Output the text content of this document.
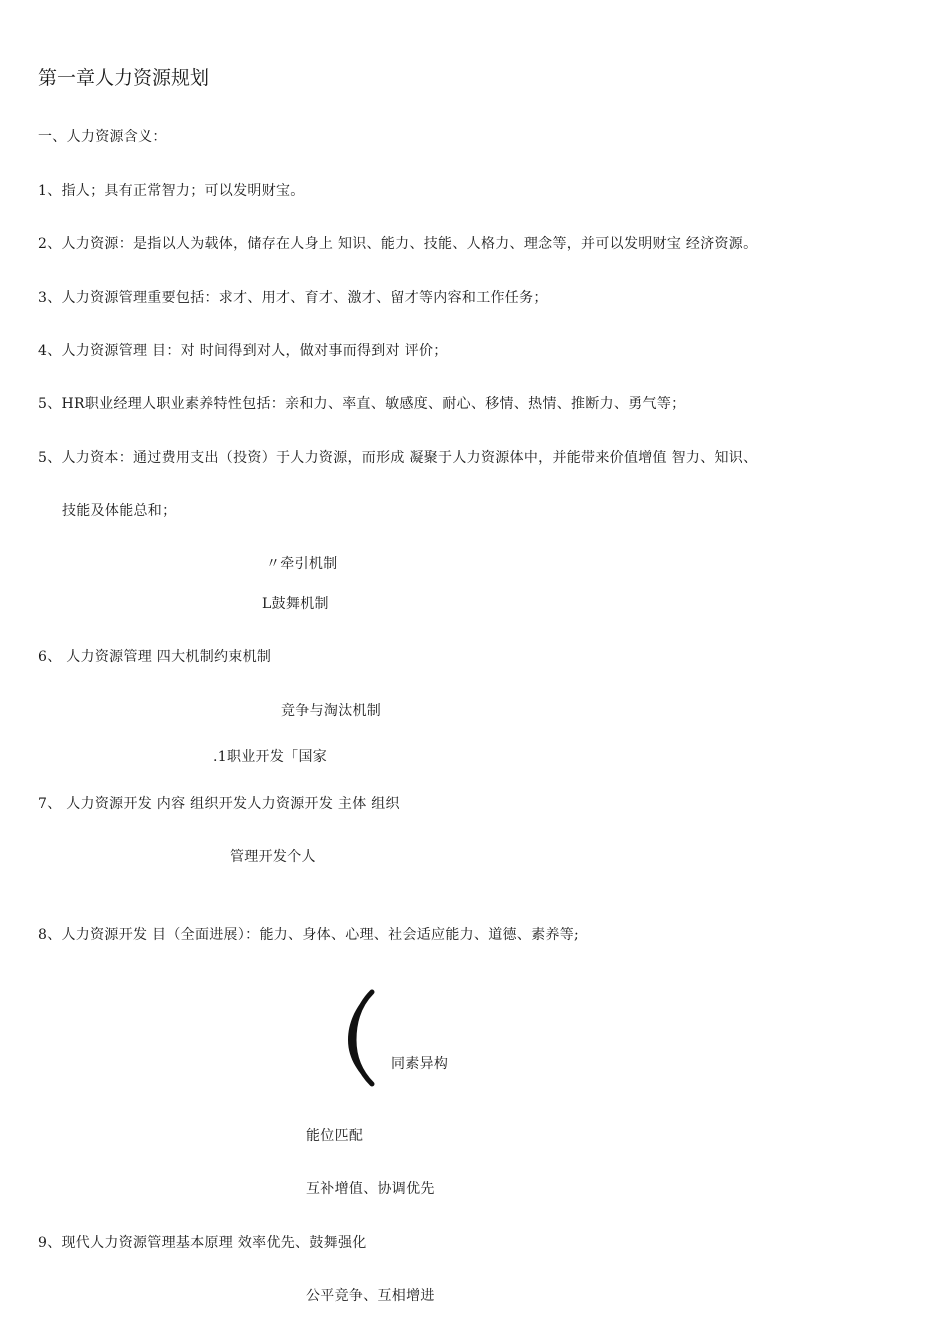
第一章人力资源规划
一、人力资源含义：
1、指人；具有正常智力；可以发明财宝。
2、人力资源：是指以人为载体，储存在人身上 知识、能力、技能、人格力、理念等，并可以发明财宝 经济资源。
3、人力资源管理重要包括：求才、用才、育才、激才、留才等内容和工作任务；
4、人力资源管理 目：对 时间得到对人，做对事而得到对 评价；
5、HR职业经理人职业素养特性包括：亲和力、率直、敏感度、耐心、移情、热情、推断力、勇气等；
5、人力资本：通过费用支出（投资）于人力资源，而形成 凝聚于人力资源体中，并能带来价值增值 智力、知识、
技能及体能总和；
〃牵引机制
L鼓舞机制
6、 人力资源管理 四大机制约束机制
竞争与淘汰机制
.1职业开发「国家
7、 人力资源开发 内容 组织开发人力资源开发 主体 组织
管理开发个人
8、人力资源开发 目（全面进展）：能力、身体、心理、社会适应能力、道德、素养等;
同素异构
能位匹配
互补增值、协调优先
9、现代人力资源管理基本原理 效率优先、鼓舞强化
公平竞争、互相增进
